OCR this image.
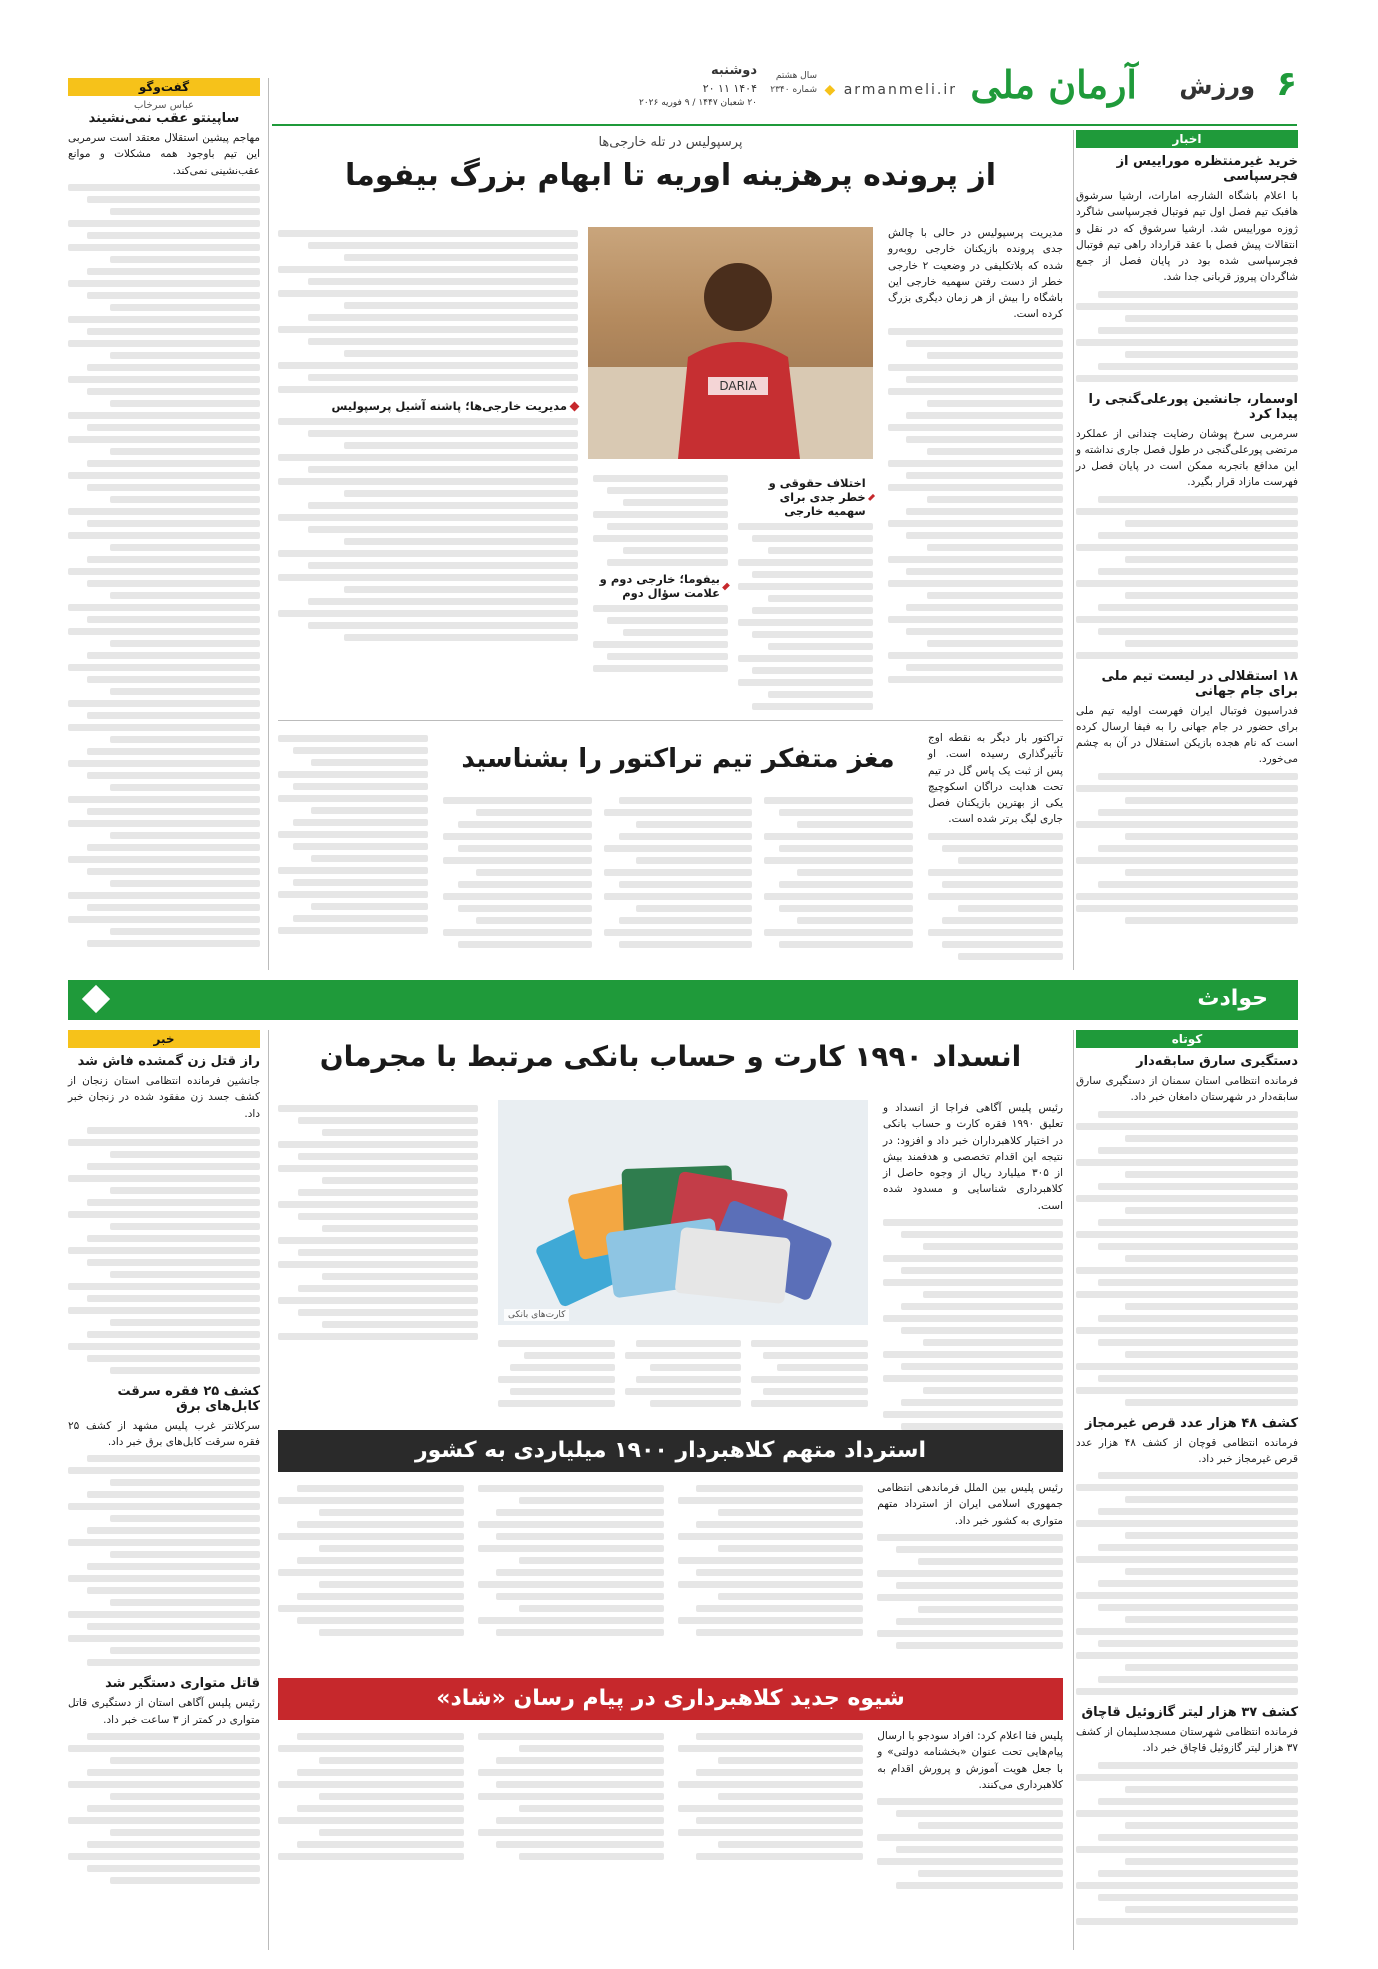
۶
ورزش
آرمان ملی
◆ armanmeli.ir
سال هشتم
شماره ۲۳۴۰
دوشنبه
۱۴۰۴ ۱۱ ۲۰
۲۰ شعبان ۱۴۴۷ / ۹ فوریه ۲۰۲۶
اخبار
خرید غیرمنتظره موراییس از فجرسپاسی
با اعلام باشگاه الشارجه امارات، ارشیا سرشوق هافبک تیم فصل اول تیم فوتبال فجرسپاسی شاگرد ژوزه موراییس شد. ارشیا سرشوق که در نقل و انتقالات پیش فصل با عقد قرارداد راهی تیم فوتبال فجرسپاسی شده بود در پایان فصل از جمع شاگردان پیروز قربانی جدا شد.
اوسمار، جانشین پورعلی‌گنجی را پیدا کرد
سرمربی سرخ پوشان رضایت چندانی از عملکرد مرتضی پورعلی‌گنجی در طول فصل جاری نداشته و این مدافع باتجربه ممکن است در پایان فصل در فهرست مازاد قرار بگیرد.
۱۸ استقلالی در لیست تیم ملی برای جام جهانی
فدراسیون فوتبال ایران فهرست اولیه تیم ملی برای حضور در جام جهانی را به فیفا ارسال کرده است که نام هجده بازیکن استقلال در آن به چشم می‌خورد.
گفت‌وگو
عباس سرخاب
ساپینتو عقب نمی‌نشیند
مهاجم پیشین استقلال معتقد است سرمربی این تیم باوجود همه مشکلات و موانع عقب‌نشینی نمی‌کند.
پرسپولیس در تله خارجی‌ها
از پرونده پرهزینه اوریه تا ابهام بزرگ بیفوما
مدیریت پرسپولیس در حالی با چالش جدی پرونده بازیکنان خارجی روبه‌رو شده که بلاتکلیفی در وضعیت ۲ خارجی خطر از دست رفتن سهمیه خارجی این باشگاه را بیش از هر زمان دیگری بزرگ کرده است.
DARIA
اختلاف حقوقی و خطر جدی برای سهمیه خارجی
بیفوما؛ خارجی دوم و علامت سؤال دوم
مدیریت خارجی‌ها؛ پاشنه آشیل پرسپولیس
تراکتور بار دیگر به نقطه اوج تأثیرگذاری رسیده است. او پس از ثبت یک پاس گل در تیم تحت هدایت دراگان اسکوچیچ یکی از بهترین بازیکنان فصل جاری لیگ برتر شده است.
مغز متفکر تیم تراکتور را بشناسید
حوادث
کوتاه
دستگیری سارق سابقه‌دار
فرمانده انتظامی استان سمنان از دستگیری سارق سابقه‌دار در شهرستان دامغان خبر داد.
کشف ۴۸ هزار عدد قرص غیرمجاز
فرمانده انتظامی قوچان از کشف ۴۸ هزار عدد قرص غیرمجاز خبر داد.
کشف ۳۷ هزار لیتر گازوئیل قاچاق
فرمانده انتظامی شهرستان مسجدسلیمان از کشف ۳۷ هزار لیتر گازوئیل قاچاق خبر داد.
خبر
راز قتل زن گمشده فاش شد
جانشین فرمانده انتظامی استان زنجان از کشف جسد زن مفقود شده در زنجان خبر داد.
کشف ۲۵ فقره سرقت کابل‌های برق
سرکلانتر غرب پلیس مشهد از کشف ۲۵ فقره سرقت کابل‌های برق خبر داد.
قاتل متواری دستگیر شد
رئیس پلیس آگاهی استان از دستگیری قاتل متواری در کمتر از ۳ ساعت خبر داد.
انسداد ۱۹۹۰ کارت و حساب بانکی مرتبط با مجرمان
رئیس پلیس آگاهی فراجا از انسداد و تعلیق ۱۹۹۰ فقره کارت و حساب بانکی در اختیار کلاهبرداران خبر داد و افزود: در نتیجه این اقدام تخصصی و هدفمند بیش از ۳۰۵ میلیارد ریال از وجوه حاصل از کلاهبرداری شناسایی و مسدود شده است.
کارت‌های بانکی
استرداد متهم کلاهبردار ۱۹۰۰ میلیاردی به کشور
رئیس پلیس بین الملل فرماندهی انتظامی جمهوری اسلامی ایران از استرداد متهم متواری به کشور خبر داد.
شیوه جدید کلاهبرداری در پیام رسان «شاد»
پلیس فتا اعلام کرد: افراد سودجو با ارسال پیام‌هایی تحت عنوان «بخشنامه دولتی» و با جعل هویت آموزش و پرورش اقدام به کلاهبرداری می‌کنند.
